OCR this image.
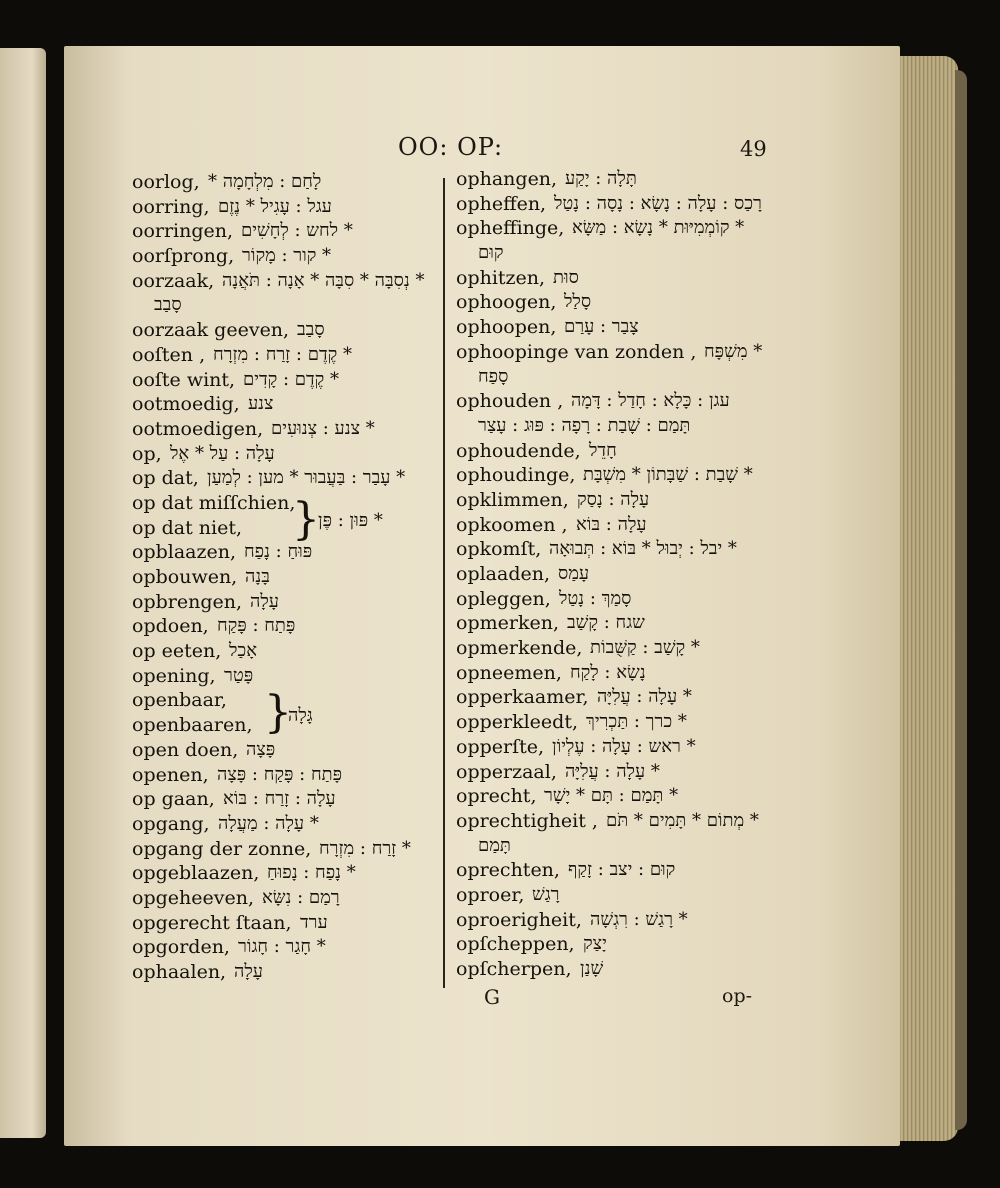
OO: OP:	49
oorlog, לָחַם : מִלְחָמָה *
oorring, עגל : עָגִיל * נֶזֶם
oorringen, * לחש : לְחָשִׁים
oorſprong, * קור : מָקוֹר
oorzaak, * נְסִבָּה * סִבָּה * אָנָה : תֹּאֲנָה
סָבַב
oorzaak geeven, סָבַב
ooſten , * קֶדֶם : זָרַח : מִזְרָח
ooſte wint, * קֶדֶם : קָדִים
ootmoedig, צנע
ootmoedigen, * צנע : צְנוּעִים
op, עָלָה : עַל * אֶל
op dat, * עָבַר : בַּעֲבוּר * מען : לְמַעַן
op dat miſſchien,
op dat niet,
opblaazen, פּוּחַ : נָפַח
opbouwen, בָּנָה
opbrengen, עָלָה
opdoen, פָּתַח : פָּקַח
op eeten, אָכַל
opening, פָּטַר
openbaar,
openbaaren,
open doen, פָּצָה
openen, פָּתַח : פָּקַח : פָּצָה
op gaan, עָלָה : זָרַח : בּוֹא
opgang, * עָלָה : מַעֲלָה
opgang der zonne, * זָרַח : מִזְרָח
opgeblaazen, * נָפַח : נָפוּחַ
opgeheeven, רָמַם : נִשָּׂא
opgerecht ſtaan, ערד
opgorden, * חָגַר : חָגוֹר
ophaalen, עָלָה
ophangen, תָּלָה : יָקַע
opheffen, רָכַס : עָלָה : נָשָׂא : נָסָה : נָטַל
opheffinge, * קוֹמְמִיּוּת * נָשָׂא : מַשָּׂא
קוּם
ophitzen, סוּת
ophoogen, סָלַל
ophoopen, צָבַר : עָרַם
ophoopinge van zonden , * מִשְׁפָּח
סָפַח
ophouden , עגן : כָּלָא : חָדַל : דָּמָה
תָּמַם : שָׁבַת : רָפָה : פּוּג : עָצַר
ophoudende, חָדֵל
ophoudinge, * שָׁבַת : שַׁבָּתוֹן * מִשְׁבָּת
opklimmen, עָלָה : נָסַק
opkoomen , עָלָה : בּוֹא
opkomſt, * יבל : יְבוּל * בּוֹא : תְּבוּאָה
oplaaden, עָמַס
opleggen, סָמַךְ : נָטַל
opmerken, שגח : קָשַׁב
opmerkende, * קָשַׁב : קַשֻּׁבוֹת
opneemen, נָשָׂא : לָקַח
opperkaamer, * עָלָה : עֲלִיָּה
opperkleedt, * כרך : תַּכְרִיךְ
opperſte, * ראש : עָלָה : עֶלְיוֹן
opperzaal, * עָלָה : עֲלִיָּה
oprecht, * תָּמַם : תָּם * יָשָׁר
oprechtigheit , * מְתוֹם * תָּמִים * תֹּם
תָּמַם
oprechten, קוּם : יצב : זָקַף
oproer, רָגַשׁ
oproerigheit, * רָגַשׁ : רִגְשָׁה
opſcheppen, יָצַק
opſcherpen, שָׁנַן
}
* פּוּן : פֶּן
}
גָּלָה
G	op-
